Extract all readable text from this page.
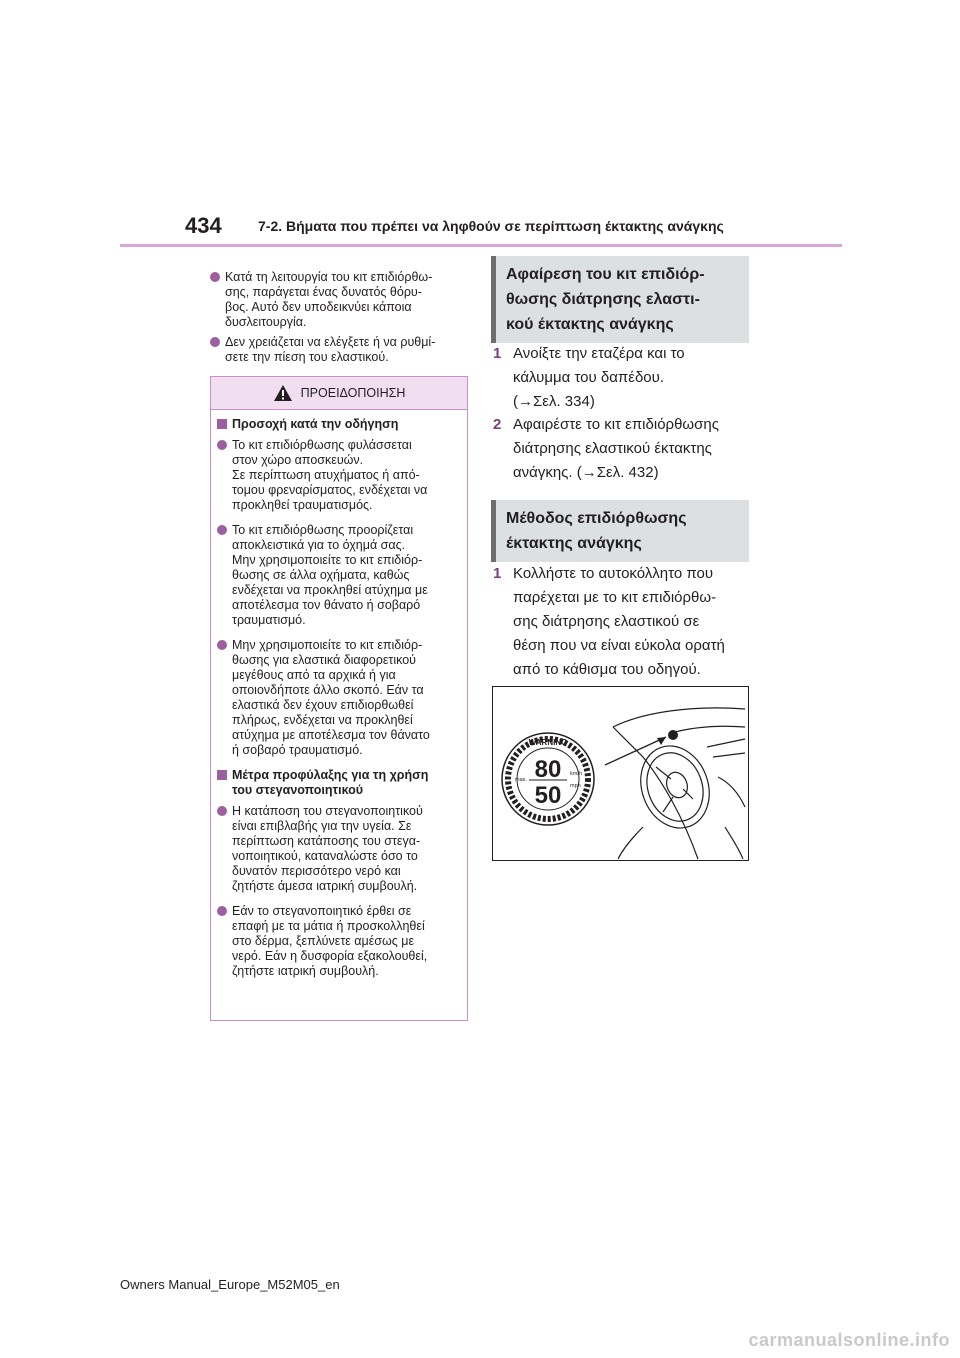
434	7-2. Βήματα που πρέπει να ληφθούν σε περίπτωση έκτακτης ανάγκης
Κατά τη λειτουργία του κιτ επιδιόρθω-
σης, παράγεται ένας δυνατός θόρυ-
βος. Αυτό δεν υποδεικνύει κάποια
δυσλειτουργία.
Δεν χρειάζεται να ελέγξετε ή να ρυθμί-
σετε την πίεση του ελαστικού.
ΠΡΟΕΙΔΟΠΟΙΗΣΗ
Προσοχή κατά την οδήγηση
Το κιτ επιδιόρθωσης φυλάσσεται
στον χώρο αποσκευών.
Σε περίπτωση ατυχήματος ή από-
τομου φρεναρίσματος, ενδέχεται να
προκληθεί τραυματισμός.
Το κιτ επιδιόρθωσης προορίζεται
αποκλειστικά για το όχημά σας.
Μην χρησιμοποιείτε το κιτ επιδιόρ-
θωσης σε άλλα οχήματα, καθώς
ενδέχεται να προκληθεί ατύχημα με
αποτέλεσμα τον θάνατο ή σοβαρό
τραυματισμό.
Μην χρησιμοποιείτε το κιτ επιδιόρ-
θωσης για ελαστικά διαφορετικού
μεγέθους από τα αρχικά ή για
οποιονδήποτε άλλο σκοπό. Εάν τα
ελαστικά δεν έχουν επιδιορθωθεί
πλήρως, ενδέχεται να προκληθεί
ατύχημα με αποτέλεσμα τον θάνατο
ή σοβαρό τραυματισμό.
Μέτρα προφύλαξης για τη χρήση
του στεγανοποιητικού
Η κατάποση του στεγανοποιητικού
είναι επιβλαβής για την υγεία. Σε
περίπτωση κατάποσης του στεγα-
νοποιητικού, καταναλώστε όσο το
δυνατόν περισσότερο νερό και
ζητήστε άμεσα ιατρική συμβουλή.
Εάν το στεγανοποιητικό έρθει σε
επαφή με τα μάτια ή προσκολληθεί
στο δέρμα, ξεπλύνετε αμέσως με
νερό. Εάν η δυσφορία εξακολουθεί,
ζητήστε ιατρική συμβουλή.
Αφαίρεση του κιτ επιδιόρ-
θωσης διάτρησης ελαστι-
κού έκτακτης ανάγκης
1 Ανοίξτε την εταζέρα και το
κάλυμμα του δαπέδου.
(→Σελ. 334)
2 Αφαιρέστε το κιτ επιδιόρθωσης
διάτρησης ελαστικού έκτακτης
ανάγκης. (→Σελ. 432)
Μέθοδος επιδιόρθωσης
έκτακτης ανάγκης
1 Κολλήστε το αυτοκόλλητο που
παρέχεται με το κιτ επιδιόρθω-
σης διάτρησης ελαστικού σε
θέση που να είναι εύκολα ορατή
από το κάθισμα του οδηγού.
WARNING
80
50
km/h
mph
max.
Owners Manual_Europe_M52M05_en
carmanualsonline.info
